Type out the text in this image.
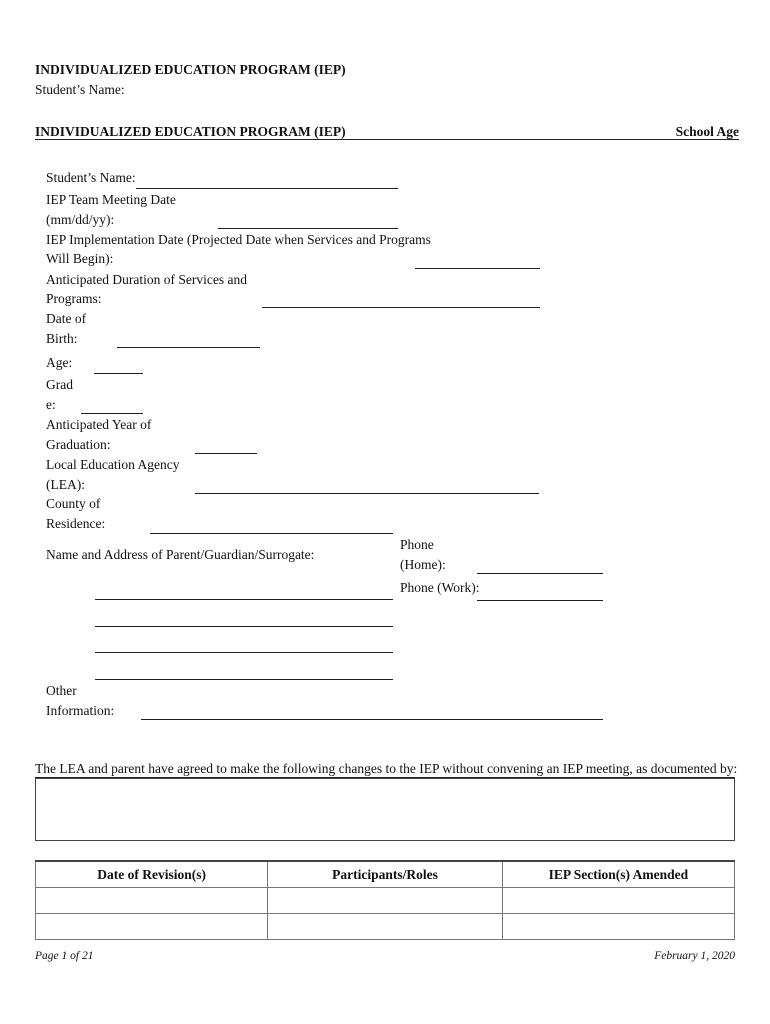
INDIVIDUALIZED EDUCATION PROGRAM (IEP)
Student’s Name:
INDIVIDUALIZED EDUCATION PROGRAM (IEP)	School Age
Student’s Name:
IEP Team Meeting Date
(mm/dd/yy):
IEP Implementation Date (Projected Date when Services and Programs
Will Begin):
Anticipated Duration of Services and
Programs:
Date of
Birth:
Age:
Grad
e:
Anticipated Year of
Graduation:
Local Education Agency
(LEA):
County of
Residence:
Name and Address of Parent/Guardian/Surrogate:
Phone
(Home):
Phone (Work):
Other
Information:
The LEA and parent have agreed to make the following changes to the IEP without convening an IEP meeting, as documented by:
Date of Revision(s)	Participants/Roles	IEP Section(s) Amended

Page 1 of 21	February 1, 2020
